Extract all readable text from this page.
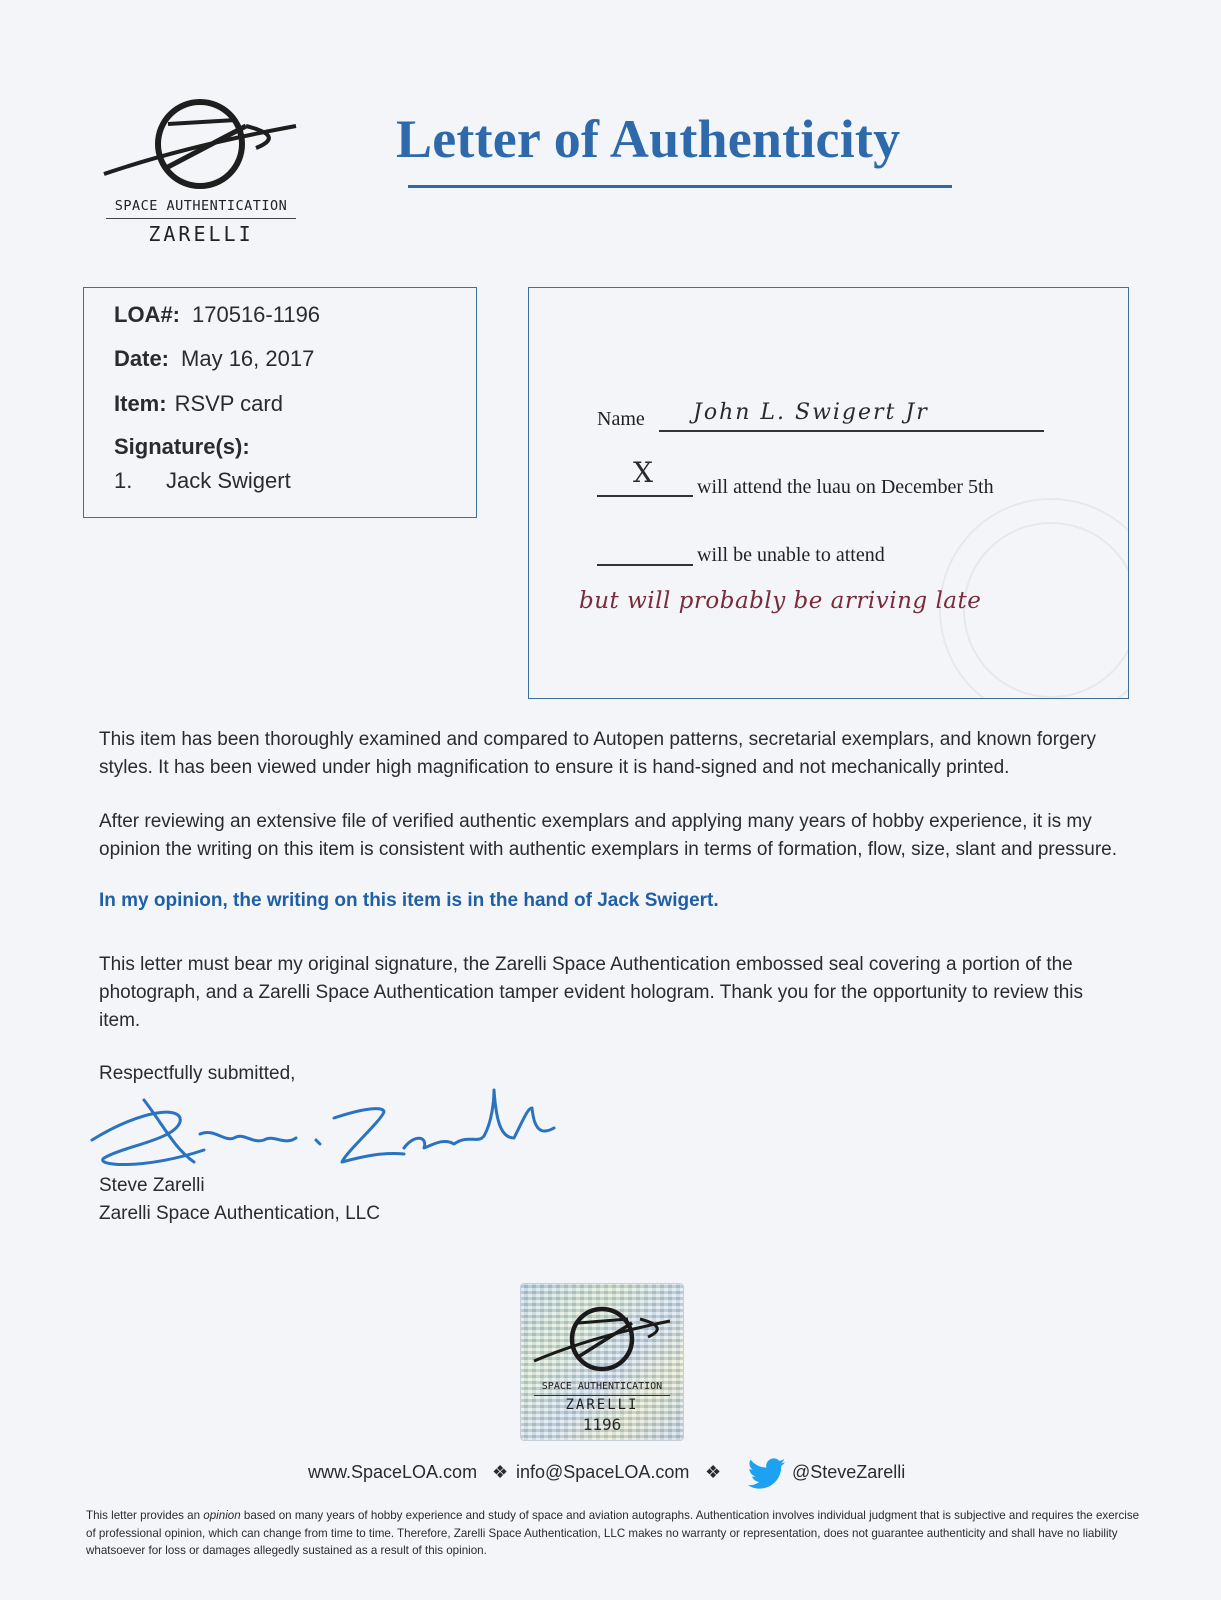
SPACE AUTHENTICATION
ZARELLI
Letter of Authenticity
LOA#: 170516-1196
Date: May 16, 2017
Item: RSVP card
Signature(s):
1. Jack Swigert
Name John L. Swigert Jr
X will attend the luau on December 5th
will be unable to attend
but will probably be arriving late
This item has been thoroughly examined and compared to Autopen patterns, secretarial exemplars, and known forgery styles. It has been viewed under high magnification to ensure it is hand-signed and not mechanically printed.
After reviewing an extensive file of verified authentic exemplars and applying many years of hobby experience, it is my opinion the writing on this item is consistent with authentic exemplars in terms of formation, flow, size, slant and pressure.
In my opinion, the writing on this item is in the hand of Jack Swigert.
This letter must bear my original signature, the Zarelli Space Authentication embossed seal covering a portion of the photograph, and a Zarelli Space Authentication tamper evident hologram. Thank you for the opportunity to review this item.
Respectfully submitted,
Steve Zarelli
Zarelli Space Authentication, LLC
SPACE AUTHENTICATION
ZARELLI
1196
www.SpaceLOA.com ❖ info@SpaceLOA.com ❖	@SteveZarelli
This letter provides an opinion based on many years of hobby experience and study of space and aviation autographs. Authentication involves individual judgment that is subjective and requires the exercise of professional opinion, which can change from time to time. Therefore, Zarelli Space Authentication, LLC makes no warranty or representation, does not guarantee authenticity and shall have no liability whatsoever for loss or damages allegedly sustained as a result of this opinion.
